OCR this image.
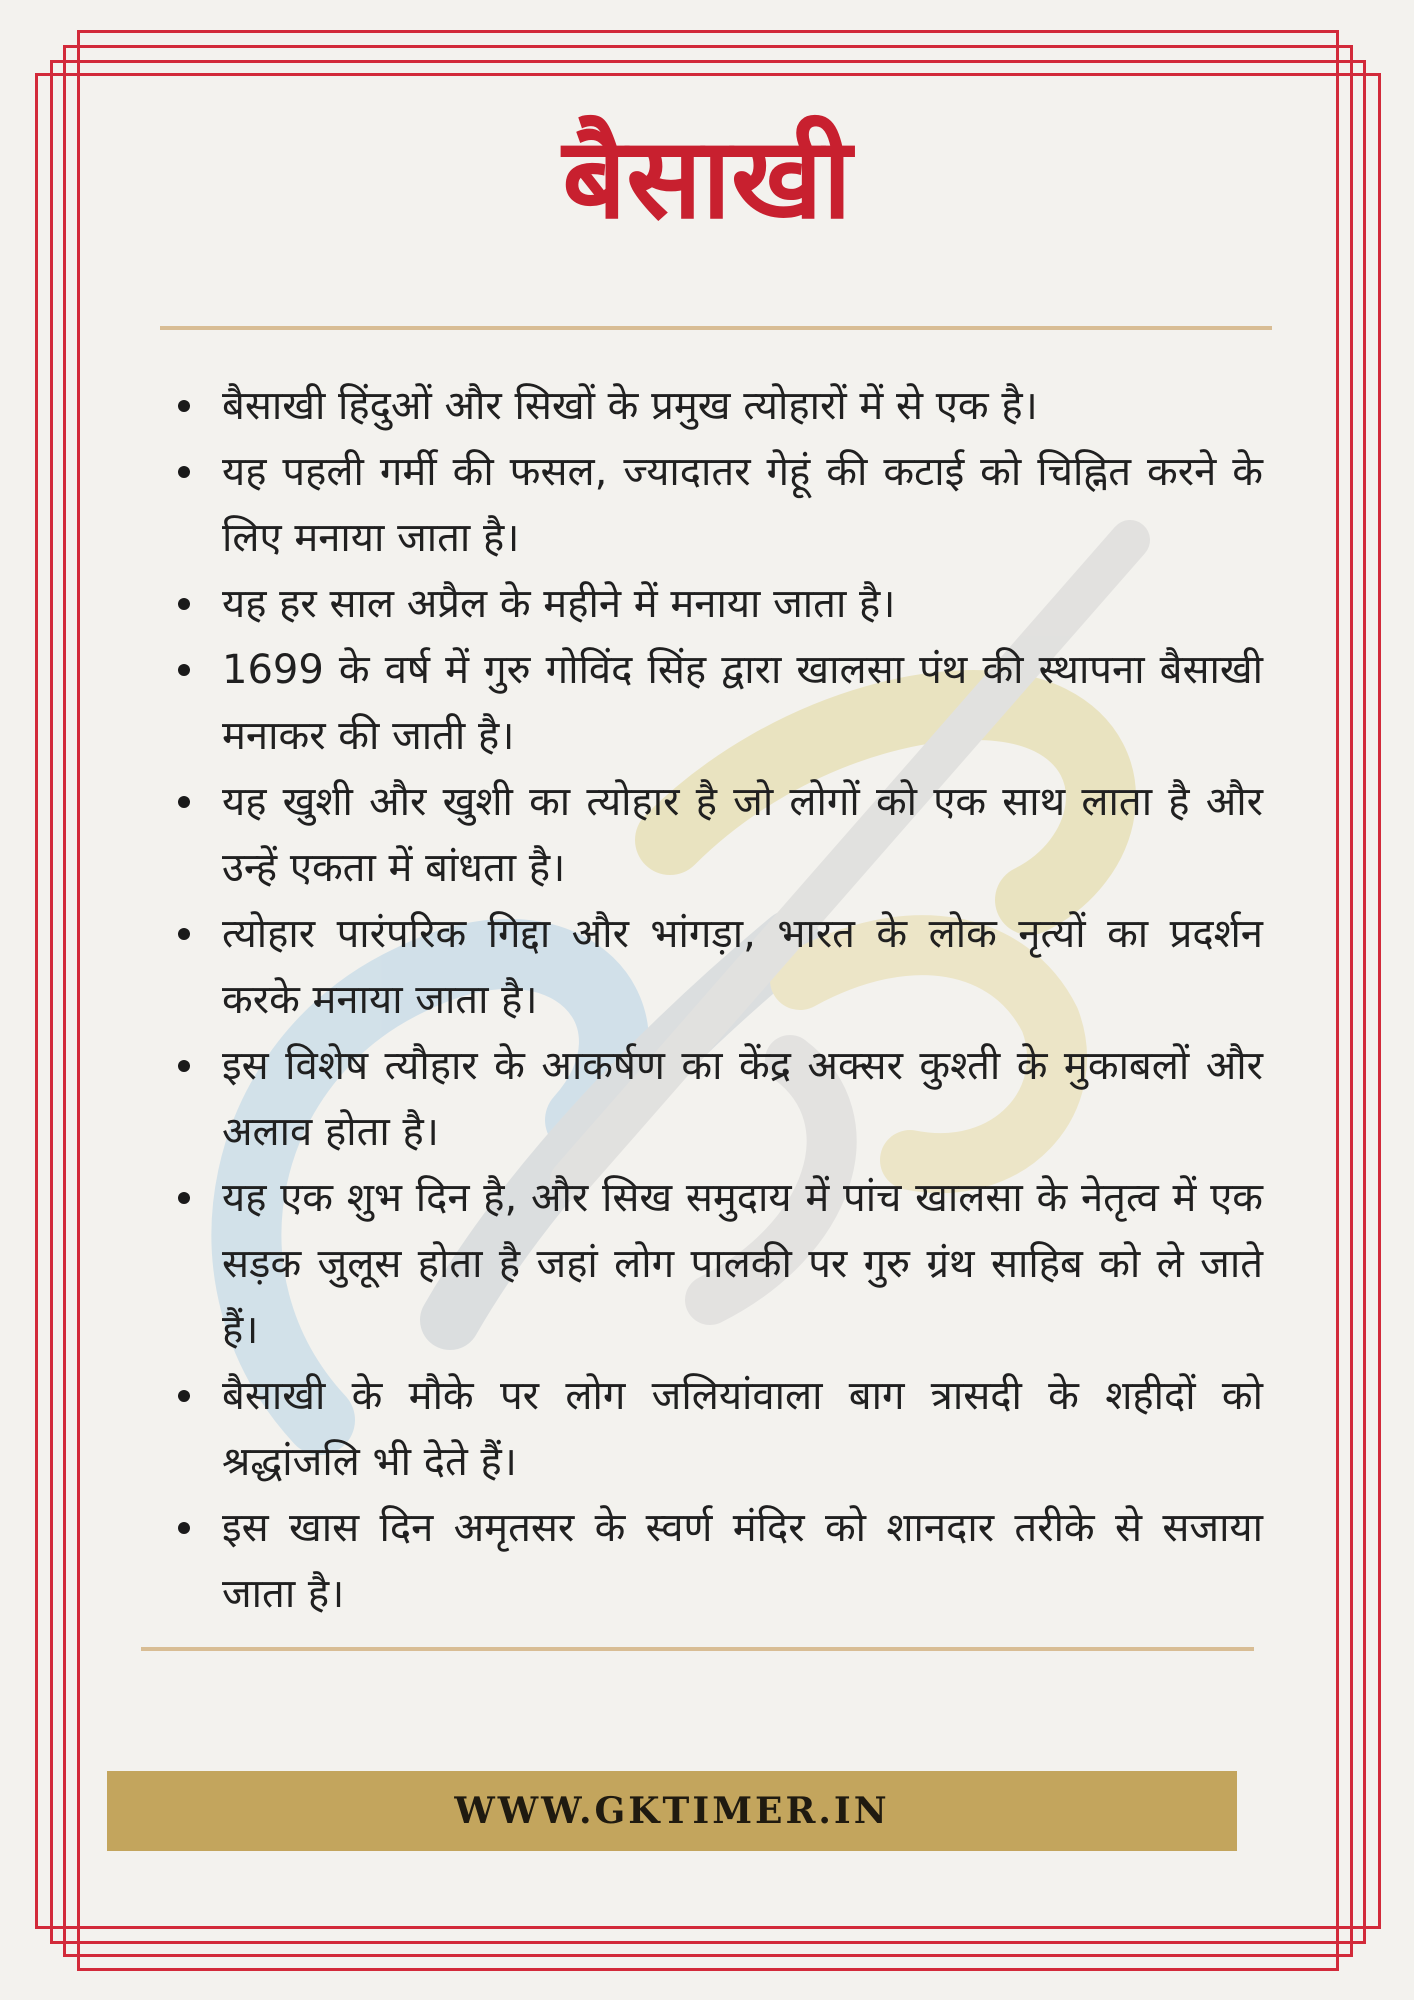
बैसाखी
बैसाखी हिंदुओं और सिखों के प्रमुख त्योहारों में से एक है।
यह पहली गर्मी की फसल, ज्यादातर गेहूं की कटाई को चिह्नित करने के लिए मनाया जाता है।
यह हर साल अप्रैल के महीने में मनाया जाता है।
1699 के वर्ष में गुरु गोविंद सिंह द्वारा खालसा पंथ की स्थापना बैसाखी मनाकर की जाती है।
यह खुशी और खुशी का त्योहार है जो लोगों को एक साथ लाता है और उन्हें एकता में बांधता है।
त्योहार पारंपरिक गिद्दा और भांगड़ा, भारत के लोक नृत्यों का प्रदर्शन करके मनाया जाता है।
इस विशेष त्यौहार के आकर्षण का केंद्र अक्सर कुश्ती के मुकाबलों और अलाव होता है।
यह एक शुभ दिन है, और सिख समुदाय में पांच खालसा के नेतृत्व में एक सड़क जुलूस होता है जहां लोग पालकी पर गुरु ग्रंथ साहिब को ले जाते हैं।
बैसाखी के मौके पर लोग जलियांवाला बाग त्रासदी के शहीदों को श्रद्धांजलि भी देते हैं।
इस खास दिन अमृतसर के स्वर्ण मंदिर को शानदार तरीके से सजाया जाता है।
WWW.GKTIMER.IN
